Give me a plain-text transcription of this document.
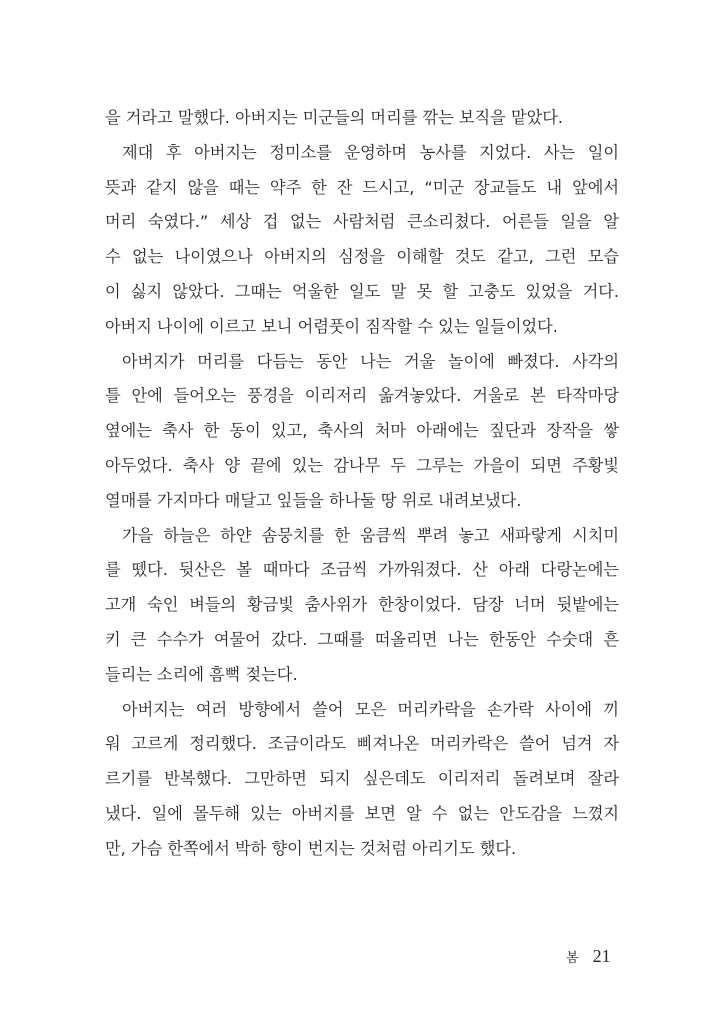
을 거라고 말했다. 아버지는 미군들의 머리를 깎는 보직을 맡았다.
제대 후 아버지는 정미소를 운영하며 농사를 지었다. 사는 일이
뜻과 같지 않을 때는 약주 한 잔 드시고, “미군 장교들도 내 앞에서
머리 숙였다.” 세상 겁 없는 사람처럼 큰소리쳤다. 어른들 일을 알
수 없는 나이였으나 아버지의 심정을 이해할 것도 같고, 그런 모습
이 싫지 않았다. 그때는 억울한 일도 말 못 할 고충도 있었을 거다.
아버지 나이에 이르고 보니 어렴풋이 짐작할 수 있는 일들이었다.
아버지가 머리를 다듬는 동안 나는 거울 놀이에 빠졌다. 사각의
틀 안에 들어오는 풍경을 이리저리 옮겨놓았다. 거울로 본 타작마당
옆에는 축사 한 동이 있고, 축사의 처마 아래에는 짚단과 장작을 쌓
아두었다. 축사 양 끝에 있는 감나무 두 그루는 가을이 되면 주황빛
열매를 가지마다 매달고 잎들을 하나둘 땅 위로 내려보냈다.
가을 하늘은 하얀 솜뭉치를 한 움큼씩 뿌려 놓고 새파랗게 시치미
를 뗐다. 뒷산은 볼 때마다 조금씩 가까워졌다. 산 아래 다랑논에는
고개 숙인 벼들의 황금빛 춤사위가 한창이었다. 담장 너머 뒷밭에는
키 큰 수수가 여물어 갔다. 그때를 떠올리면 나는 한동안 수숫대 흔
들리는 소리에 흠뻑 젖는다.
아버지는 여러 방향에서 쓸어 모은 머리카락을 손가락 사이에 끼
워 고르게 정리했다. 조금이라도 삐져나온 머리카락은 쓸어 넘겨 자
르기를 반복했다. 그만하면 되지 싶은데도 이리저리 돌려보며 잘라
냈다. 일에 몰두해 있는 아버지를 보면 알 수 없는 안도감을 느꼈지
만, 가슴 한쪽에서 박하 향이 번지는 것처럼 아리기도 했다.
봄 21
